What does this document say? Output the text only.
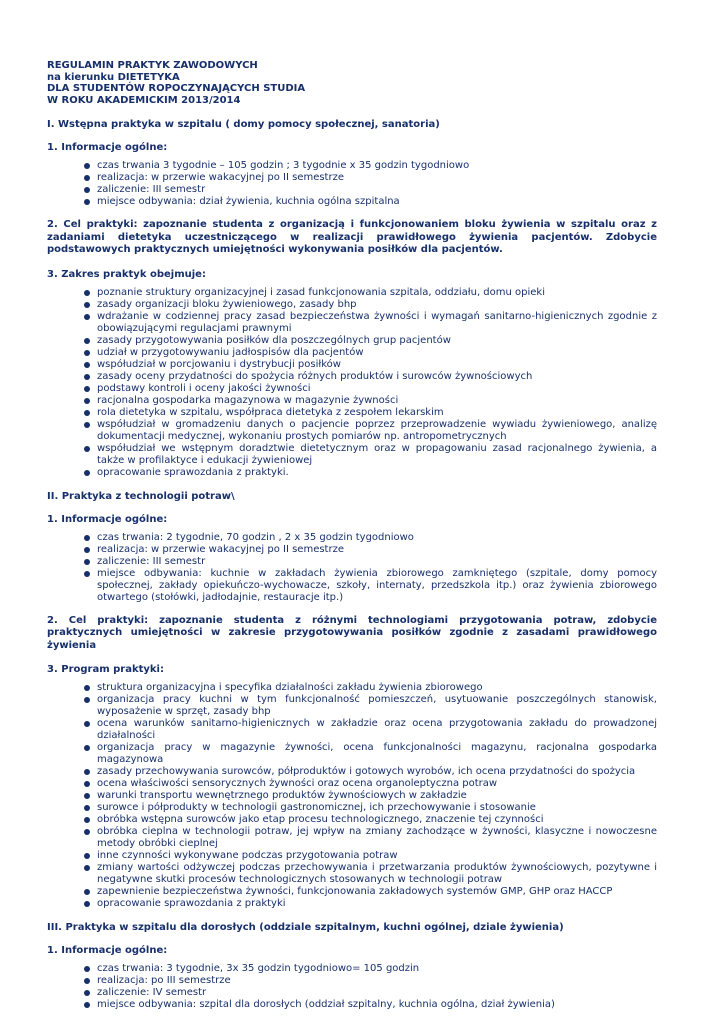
REGULAMIN PRAKTYK ZAWODOWYCH
na kierunku DIETETYKA
DLA STUDENTÓW ROPOCZYNAJĄCYCH STUDIA
W ROKU AKADEMICKIM 2013/2014
I. Wstępna praktyka w szpitalu ( domy pomocy społecznej, sanatoria)
1. Informacje ogólne:
czas trwania 3 tygodnie – 105 godzin ; 3 tygodnie x 35 godzin tygodniowo
realizacja: w przerwie wakacyjnej po II semestrze
zaliczenie: III semestr
miejsce odbywania: dział żywienia, kuchnia ogólna szpitalna
2. Cel praktyki: zapoznanie studenta z organizacją i funkcjonowaniem bloku żywienia w szpitalu oraz z zadaniami dietetyka uczestniczącego w realizacji prawidłowego żywienia pacjentów. Zdobycie podstawowych praktycznych umiejętności wykonywania posiłków dla pacjentów.
3. Zakres praktyk obejmuje:
poznanie struktury organizacyjnej i zasad funkcjonowania szpitala, oddziału, domu opieki
zasady organizacji bloku żywieniowego, zasady bhp
wdrażanie w codziennej pracy zasad bezpieczeństwa żywności i wymagań sanitarno-higienicznych zgodnie z obowiązującymi regulacjami prawnymi
zasady przygotowywania posiłków dla poszczególnych grup pacjentów
udział w przygotowywaniu jadłospisów dla pacjentów
współudział w porcjowaniu i dystrybucji posiłków
zasady oceny przydatności do spożycia różnych produktów i surowców żywnościowych
podstawy kontroli i oceny jakości żywności
racjonalna gospodarka magazynowa w magazynie żywności
rola dietetyka w szpitalu, współpraca dietetyka z zespołem lekarskim
współudział w gromadzeniu danych o pacjencie poprzez przeprowadzenie wywiadu żywieniowego, analizę dokumentacji medycznej, wykonaniu prostych pomiarów np. antropometrycznych
współudział we wstępnym doradztwie dietetycznym oraz w propagowaniu zasad racjonalnego żywienia, a także w profilaktyce i edukacji żywieniowej
opracowanie sprawozdania z praktyki.
II. Praktyka z technologii potraw\
1. Informacje ogólne:
czas trwania: 2 tygodnie, 70 godzin , 2 x 35 godzin tygodniowo
realizacja: w przerwie wakacyjnej po II semestrze
zaliczenie: III semestr
miejsce odbywania: kuchnie w zakładach żywienia zbiorowego zamkniętego (szpitale, domy pomocy społecznej, zakłady opiekuńczo-wychowacze, szkoły, internaty, przedszkola itp.) oraz żywienia zbiorowego otwartego (stołówki, jadłodajnie, restauracje itp.)
2. Cel praktyki: zapoznanie studenta z różnymi technologiami przygotowania potraw, zdobycie praktycznych umiejętności w zakresie przygotowywania posiłków zgodnie z zasadami prawidłowego żywienia
3. Program praktyki:
struktura organizacyjna i specyfika działalności zakładu żywienia zbiorowego
organizacja pracy kuchni w tym funkcjonalność pomieszczeń, usytuowanie poszczególnych stanowisk, wyposażenie w sprzęt, zasady bhp
ocena warunków sanitarno-higienicznych w zakładzie oraz ocena przygotowania zakładu do prowadzonej działalności
organizacja pracy w magazynie żywności, ocena funkcjonalności magazynu, racjonalna gospodarka magazynowa
zasady przechowywania surowców, półproduktów i gotowych wyrobów, ich ocena przydatności do spożycia
ocena właściwości sensorycznych żywności oraz ocena organoleptyczna potraw
warunki transportu wewnętrznego produktów żywnościowych w zakładzie
surowce i półprodukty w technologii gastronomicznej, ich przechowywanie i stosowanie
obróbka wstępna surowców jako etap procesu technologicznego, znaczenie tej czynności
obróbka cieplna w technologii potraw, jej wpływ na zmiany zachodzące w żywności, klasyczne i nowoczesne metody obróbki cieplnej
inne czynności wykonywane podczas przygotowania potraw
zmiany wartości odżywczej podczas przechowywania i przetwarzania produktów żywnościowych, pozytywne i negatywne skutki procesów technologicznych stosowanych w technologii potraw
zapewnienie bezpieczeństwa żywności, funkcjonowania zakładowych systemów GMP, GHP oraz HACCP
opracowanie sprawozdania z praktyki
III. Praktyka w szpitalu dla dorosłych (oddziale szpitalnym, kuchni ogólnej, dziale żywienia)
1. Informacje ogólne:
czas trwania: 3 tygodnie, 3x 35 godzin tygodniowo= 105 godzin
realizacja: po III semestrze
zaliczenie: IV semestr
miejsce odbywania: szpital dla dorosłych (oddział szpitalny, kuchnia ogólna, dział żywienia)
